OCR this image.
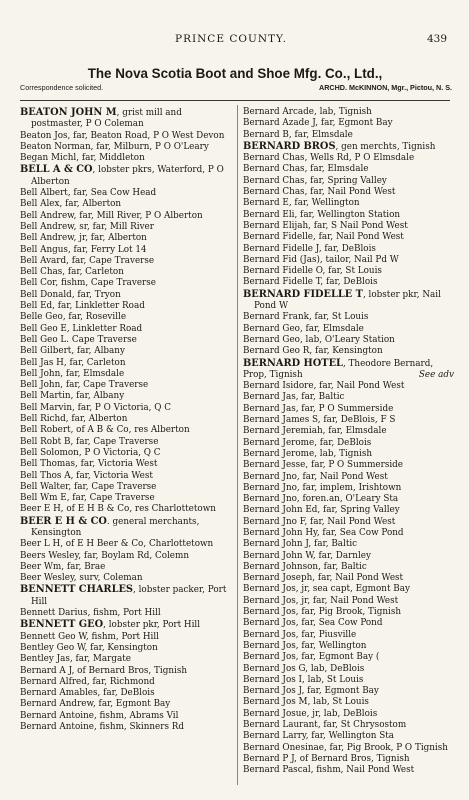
PRINCE COUNTY.	439
The Nova Scotia Boot and Shoe Mfg. Co., Ltd.,
Correspondence solicited.	ARCHD. McKINNON, Mgr., Pictou, N. S.
BEATON JOHN M, grist mill and postmaster, P O Coleman
Beaton Jos, far, Beaton Road, P O West Devon
Beaton Norman, far, Milburn, P O O'Leary
Began Michl, far, Middleton
BELL A & CO, lobster pkrs, Waterford, P O Alberton
Bell Albert, far, Sea Cow Head
Bell Alex, far, Alberton
Bell Andrew, far, Mill River, P O Alberton
Bell Andrew, sr, far, Mill River
Bell Andrew, jr, far, Alberton
Bell Angus, far, Ferry Lot 14
Bell Avard, far, Cape Traverse
Bell Chas, far, Carleton
Bell Cor, fishm, Cape Traverse
Bell Donald, far, Tryon
Bell Ed, far, Linkletter Road
Belle Geo, far, Roseville
Bell Geo E, Linkletter Road
Bell Geo L. Cape Traverse
Bell Gilbert, far, Albany
Bell Jas H, far, Carleton
Bell John, far, Elmsdale
Bell John, far, Cape Traverse
Bell Martin, far, Albany
Bell Marvin, far, P O Victoria, Q C
Bell Richd, far, Alberton
Bell Robert, of A B & Co, res Alberton
Bell Robt B, far, Cape Traverse
Bell Solomon, P O Victoria, Q C
Bell Thomas, far, Victoria West
Bell Thos A, far, Victoria West
Bell Walter, far, Cape Traverse
Bell Wm E, far, Cape Traverse
Beer E H, of E H B & Co, res Charlottetown
BEER E H & CO. general merchants, Kensington
Beer L H, of E H Beer & Co, Charlottetown
Beers Wesley, far, Boylam Rd, Colemn
Beer Wm, far, Brae
Beer Wesley, surv, Coleman
BENNETT CHARLES, lobster packer, Port Hill
Bennett Darius, fishm, Port Hill
BENNETT GEO, lobster pkr, Port Hill
Bennett Geo W, fishm, Port Hill
Bentley Geo W, far, Kensington
Bentley Jas, far, Margate
Bernard A J, of Bernard Bros, Tignish
Bernard Alfred, far, Richmond
Bernard Amables, far, DeBlois
Bernard Andrew, far, Egmont Bay
Bernard Antoine, fishm, Abrams Vil
Bernard Antoine, fishm, Skinners Rd
Bernard Arcade, lab, Tignish
Bernard Azade J, far, Egmont Bay
Bernard B, far, Elmsdale
BERNARD BROS, gen merchts, Tignish
Bernard Chas, Wells Rd, P O Elmsdale
Bernard Chas, far, Elmsdale
Bernard Chas, far, Spring Valley
Bernard Chas, far, Nail Pond West
Bernard E, far, Wellington
Bernard Eli, far, Wellington Station
Bernard Elijah, far, S Nail Pond West
Bernard Fidelle, far, Nail Pond West
Bernard Fidelle J, far, DeBlois
Bernard Fid (Jas), tailor, Nail Pd W
Bernard Fidelle O, far, St Louis
Bernard Fidelle T, far, DeBlois
BERNARD FIDELLE T, lobster pkr, Nail Pond W
Bernard Frank, far, St Louis
Bernard Geo, far, Elmsdale
Bernard Geo, lab, O'Leary Station
Bernard Geo R, far, Kensington
BERNARD HOTEL, Theodore Bernard, Prop, Tignish	See adv
Bernard Isidore, far, Nail Pond West
Bernard Jas, far, Baltic
Bernard Jas, far, P O Summerside
Bernard James S, far, DeBlois, F S
Bernard Jeremiah, far, Elmsdale
Bernard Jerome, far, DeBlois
Bernard Jerome, lab, Tignish
Bernard Jesse, far, P O Summerside
Bernard Jno, far, Nail Pond West
Bernard Jno, far, implem, Irishtown
Bernard Jno, foren.an, O'Leary Sta
Bernard John Ed, far, Spring Valley
Bernard Jno F, far, Nail Pond West
Bernard John Hy, far, Sea Cow Pond
Bernard John J, far, Baltic
Bernard John W, far, Darnley
Bernard Johnson, far, Baltic
Bernard Joseph, far, Nail Pond West
Bernard Jos, jr, sea capt, Egmont Bay
Bernard Jos, jr, far, Nail Pond West
Bernard Jos, far, Pig Brook, Tignish
Bernard Jos, far, Sea Cow Pond
Bernard Jos, far, Piusville
Bernard Jos, far, Wellington
Bernard Jos, far, Egmont Bay (
Bernard Jos G, lab, DeBlois
Bernard Jos I, lab, St Louis
Bernard Jos J, far, Egmont Bay
Bernard Jos M, lab, St Louis
Bernard Josue, jr, lab, DeBlois
Bernard Laurant, far, St Chrysostom
Bernard Larry, far, Wellington Sta
Bernard Onesinae, far, Pig Brook, P O Tignish
Bernard P J, of Bernard Bros, Tignish
Bernard Pascal, fishm, Nail Pond West
